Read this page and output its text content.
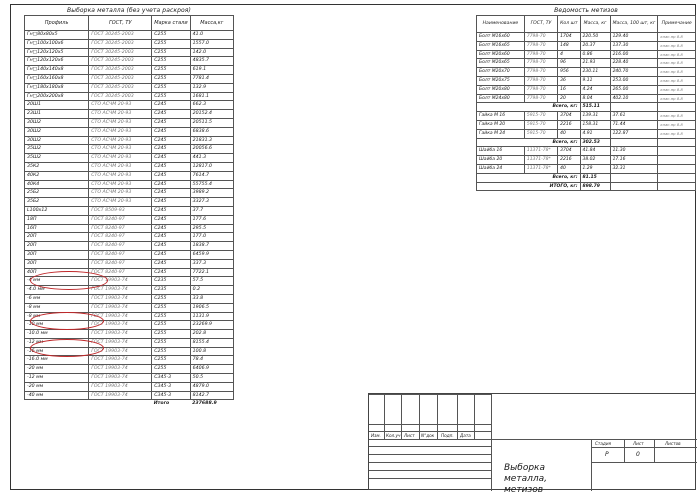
Выборка металла (без учета раскроя)			
Профиль	ГОСТ, ТУ	Марка стали	Масса,кг
Гн□80х80х5	ГОСТ 30245-2003	С255	41.0
Гн□100х100х6	ГОСТ 30245-2003	С255	1557.0
Гн□120х120х5	ГОСТ 30245-2003	С255	142.0
Гн□120х120х6	ГОСТ 30245-2003	С255	4835.7
Гн□140х140х8	ГОСТ 30245-2003	С255	619.1
Гн□160х160х8	ГОСТ 30245-2003	С255	7781.4
Гн□180х180х8	ГОСТ 30245-2003	С255	132.9
Гн□200х200х8	ГОСТ 30245-2003	С255	1681.1
20Ш1	СТО АСЧМ 20-93	С245	662.3
23Ш1	СТО АСЧМ 20-93	С245	20152.4
30Ш2	СТО АСЧМ 20-93	С245	20511.5
30Ш2	СТО АСЧМ 20-93	С245	6838.6
30Ш2	СТО АСЧМ 20-93	С245	21831.3
35Ш2	СТО АСЧМ 20-93	С245	20056.6
35Ш2	СТО АСЧМ 20-93	С245	441.3
35К2	СТО АСЧМ 20-93	С245	12817.0
40К2	СТО АСЧМ 20-93	С245	7614.7
40К4	СТО АСЧМ 20-93	С245	55755.4
25Б2	СТО АСЧМ 20-93	С245	3989.2
35Б2	СТО АСЧМ 20-93	С245	3327.3
L100х12	ГОСТ 8509-93	С245	37.7
18П	ГОСТ 8240-97	С245	177.6
16П	ГОСТ 8240-97	С245	295.5
20П	ГОСТ 8240-97	С245	177.0
20П	ГОСТ 8240-97	С245	1838.7
30П	ГОСТ 8240-97	С245	6459.9
30П	ГОСТ 8240-97	С245	337.3
40П	ГОСТ 8240-97	С245	7722.1
-4 мм	ГОСТ 19903-74	С235	57.5
-4.0 мм	ГОСТ 19903-74	С235	0.2
-6 мм	ГОСТ 19903-74	С255	33.8
-8 мм	ГОСТ 19903-74	С255	1906.5
-8 мм	ГОСТ 19903-74	С255	1131.9
-10 мм	ГОСТ 19903-74	С255	23269.9
-10.0 мм	ГОСТ 19903-74	С255	202.8
-12 мм	ГОСТ 19903-74	С255	8155.4
-16 мм	ГОСТ 19903-74	С255	100.8
-16.0 мм	ГОСТ 19903-74	С255	78.4
-20 мм	ГОСТ 19903-74	С255	6406.9
-12 мм	ГОСТ 19903-74	С345-3	50.5
-20 мм	ГОСТ 19903-74	С345-3	4879.0
-40 мм	ГОСТ 19903-74	С345-3	8142.7
		Итого	237688.9
Ведомость метизов					
Наименование	ГОСТ, ТУ	Кол шт	Масса, кг	Масса, 100 шт, кг	Примечание
Болт М16х60	7798-70	1704	220.50	129.40	клас.пр 8.8
Болт М16х65	7798-70	148	20.37	137.30	клас.пр 8.8
Болт М20х60	7798-70	4	0.86	216.00	клас.пр 8.8
Болт М20х65	7798-70	96	21.93	228.40	клас.пр 8.8
Болт М20х70	7798-70	956	230.11	240.70	клас.пр 8.8
Болт М20х75	7798-70	36	9.11	253.00	клас.пр 8.8
Болт М20х80	7798-70	16	4.24	265.00	клас.пр 8.8
Болт М24х80	7798-70	20	8.04	402.10	клас.пр 8.8
Всего, кг:			515.11		
Гайка М 16	5915-70	3704	139.31	37.61	клас.пр 8.8
Гайка М 20	5915-70	2216	158.31	71.44	клас.пр 8.8
Гайка М 24	5915-70	40	4.91	122.87	клас.пр 8.8
Всего, кг:			302.53		
Шайба 16	11371-78*	3704	41.84	11.30	
Шайба 20	11371-78*	2216	38.02	17.16	
Шайба 24	11371-78*	40	1.29	32.31	
Всего, кг:			81.15		
ИТОГО, кг:			898.79		
Изм. Кол.уч Лист N°док Подп. Дата
Стадия	Лист	Листов
Р	0
Выборка металла, метизов
